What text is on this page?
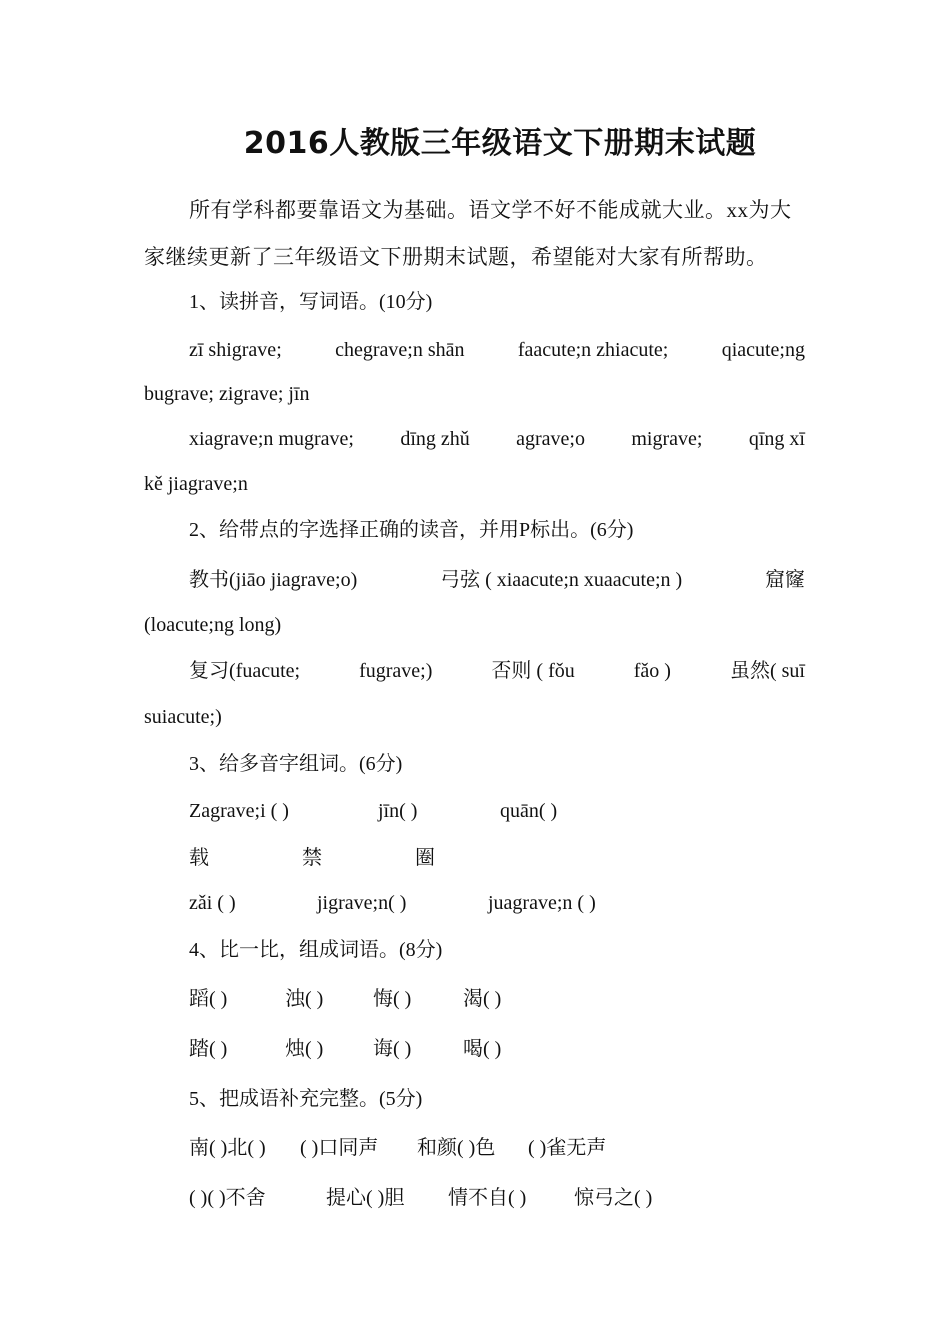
2016人教版三年级语文下册期末试题
所有学科都要靠语文为基础。语文学不好不能成就大业。xx为大
家继续更新了三年级语文下册期末试题，希望能对大家有所帮助。
1、读拼音，写词语。(10分)
zī shigrave;	chegrave;n shān	faacute;n zhiacute;	qiacute;ng
bugrave; zigrave; jīn
xiagrave;n mugrave; dīng zhǔ agrave;o migrave; qīng xī
kě jiagrave;n
2、给带点的字选择正确的读音，并用P标出。(6分)
教书(jiāo jiagrave;o)	弓弦 ( xiaacute;n xuaacute;n )	窟窿
(loacute;ng long)
复习(fuacute;	fugrave;)	否则 ( fǒu	fǎo )	虽然( suī
suiacute;)
3、给多音字组词。(6分)
Zagrave;i ( )	jīn( )	quān( )
载	禁	圈
zǎi ( )	jigrave;n( )	juagrave;n ( )
4、比一比，组成词语。(8分)
蹈( )	浊( ) 悔( )	渴( )
踏( )	烛( ) 诲( )	喝( )
5、把成语补充完整。(5分)
南( )北( ) ( )口同声 和颜( )色 ( )雀无声
( )( )不舍	提心( )胆 情不自( ) 惊弓之( )
